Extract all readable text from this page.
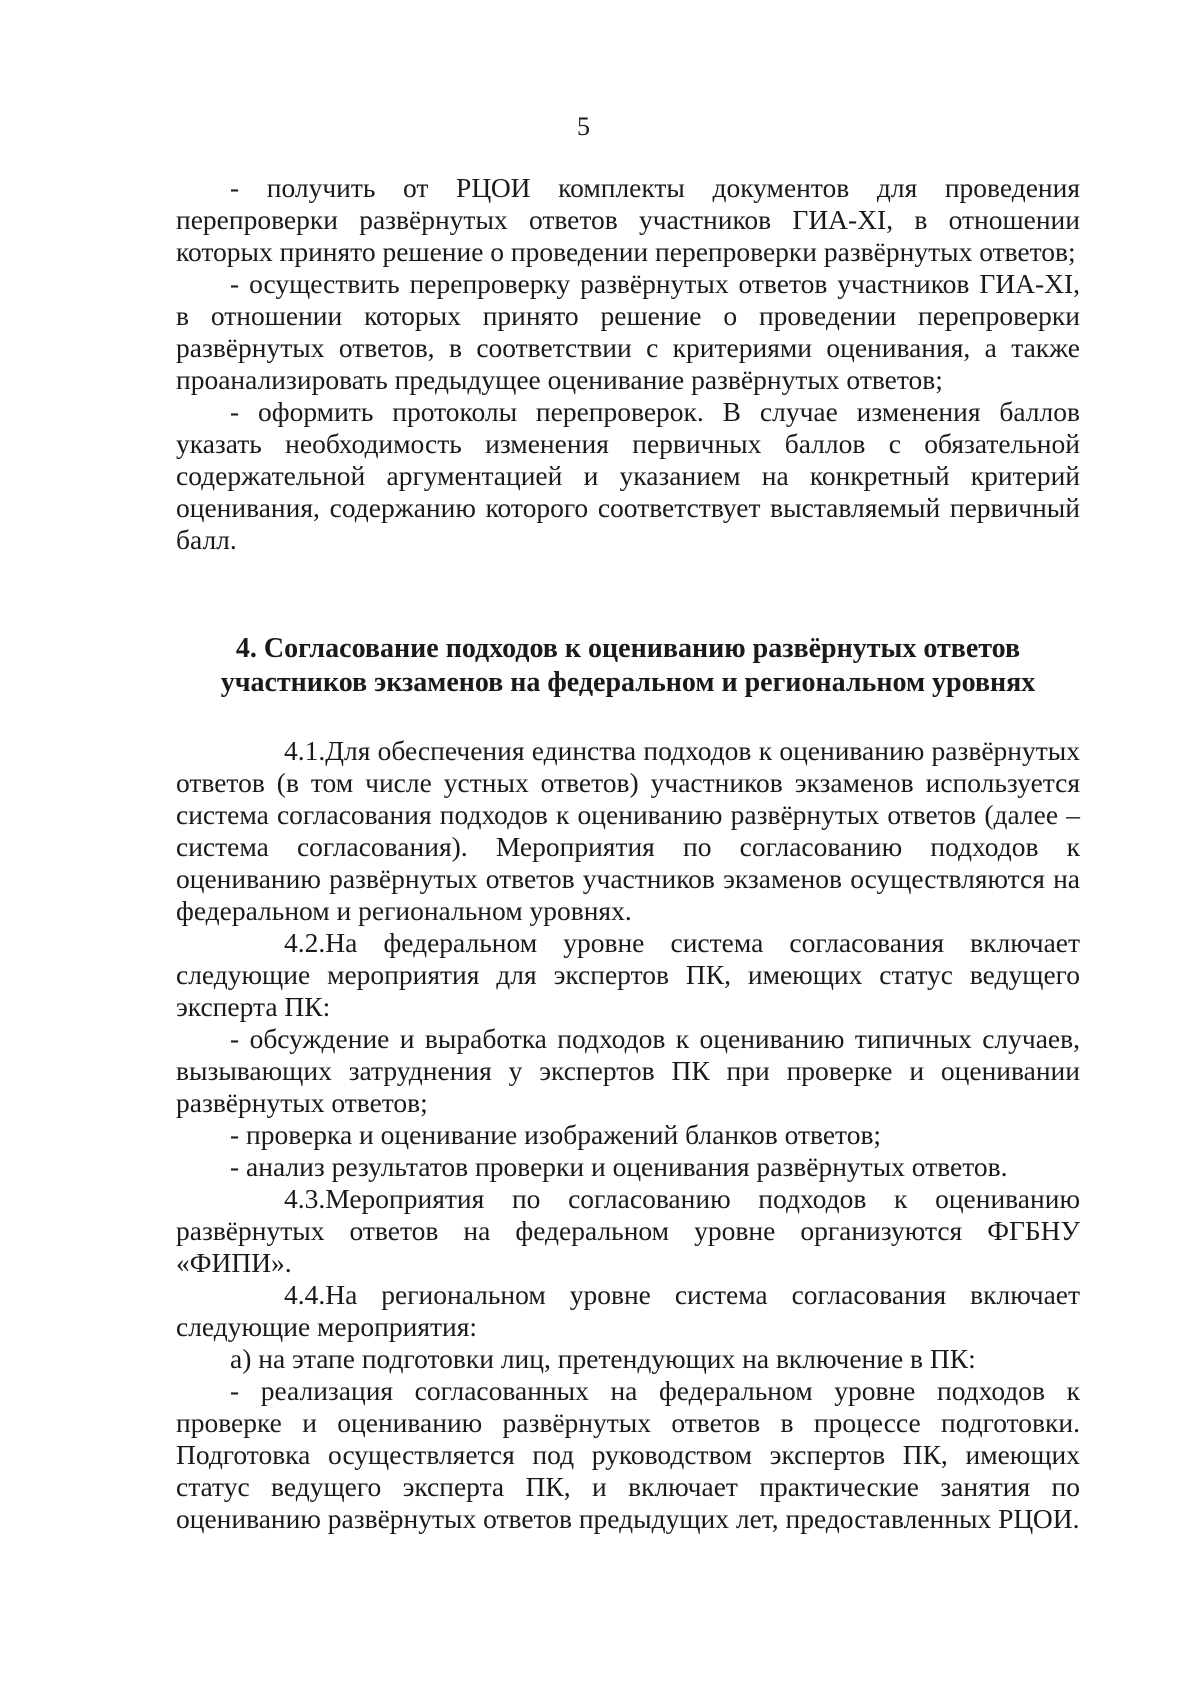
5

- получить от РЦОИ комплекты документов для проведения перепроверки развёрнутых ответов участников ГИА-XI, в отношении которых принято решение о проведении перепроверки развёрнутых ответов;

- осуществить перепроверку развёрнутых ответов участников ГИА-XI, в отношении которых принято решение о проведении перепроверки развёрнутых ответов, в соответствии с критериями оценивания, а также проанализировать предыдущее оценивание развёрнутых ответов;

- оформить протоколы перепроверок. В случае изменения баллов указать необходимость изменения первичных баллов с обязательной содержательной аргументацией и указанием на конкретный критерий оценивания, содержанию которого соответствует выставляемый первичный балл.

4. Согласование подходов к оцениванию развёрнутых ответов
участников экзаменов на федеральном и региональном уровнях

4.1.Для обеспечения единства подходов к оцениванию развёрнутых ответов (в том числе устных ответов) участников экзаменов используется система согласования подходов к оцениванию развёрнутых ответов (далее – система согласования). Мероприятия по согласованию подходов к оцениванию развёрнутых ответов участников экзаменов осуществляются на федеральном и региональном уровнях.

4.2.На федеральном уровне система согласования включает следующие мероприятия для экспертов ПК, имеющих статус ведущего эксперта ПК:

- обсуждение и выработка подходов к оцениванию типичных случаев, вызывающих затруднения у экспертов ПК при проверке и оценивании развёрнутых ответов;

- проверка и оценивание изображений бланков ответов;

- анализ результатов проверки и оценивания развёрнутых ответов.

4.3.Мероприятия по согласованию подходов к оцениванию развёрнутых ответов на федеральном уровне организуются ФГБНУ «ФИПИ».

4.4.На региональном уровне система согласования включает следующие мероприятия:

а) на этапе подготовки лиц, претендующих на включение в ПК:

- реализация согласованных на федеральном уровне подходов к проверке и оцениванию развёрнутых ответов в процессе подготовки. Подготовка осуществляется под руководством экспертов ПК, имеющих статус ведущего эксперта ПК, и включает практические занятия по оцениванию развёрнутых ответов предыдущих лет, предоставленных РЦОИ.
